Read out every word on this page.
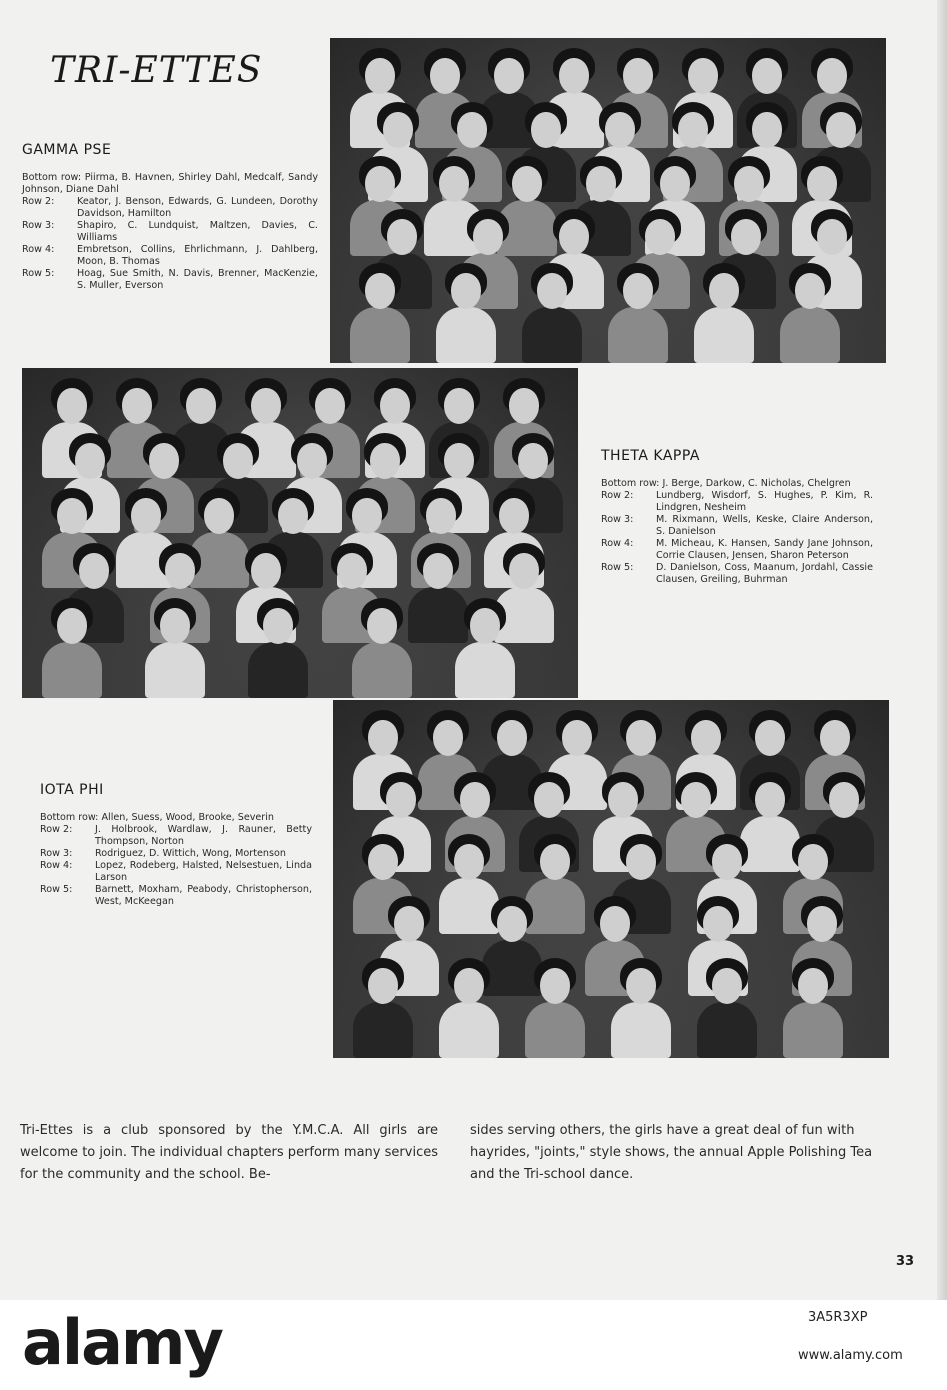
TRI-ETTES
GAMMA PSE
Bottom row: Piirma, B. Havnen, Shirley Dahl, Medcalf, Sandy Johnson, Diane Dahl
Row 2:	Keator, J. Benson, Edwards, G. Lundeen, Dorothy Davidson, Hamilton
Row 3:	Shapiro, C. Lundquist, Maltzen, Davies, C. Williams
Row 4:	Embretson, Collins, Ehrlichmann, J. Dahlberg, Moon, B. Thomas
Row 5:	Hoag, Sue Smith, N. Davis, Brenner, MacKenzie, S. Muller, Everson
THETA KAPPA
Bottom row: J. Berge, Darkow, C. Nicholas, Chelgren
Row 2:	Lundberg, Wisdorf, S. Hughes, P. Kim, R. Lindgren, Nesheim
Row 3:	M. Rixmann, Wells, Keske, Claire Anderson, S. Danielson
Row 4:	M. Micheau, K. Hansen, Sandy Jane Johnson, Corrie Clausen, Jensen, Sharon Peterson
Row 5:	D. Danielson, Coss, Maanum, Jordahl, Cassie Clausen, Greiling, Buhrman
IOTA PHI
Bottom row: Allen, Suess, Wood, Brooke, Severin
Row 2:	J. Holbrook, Wardlaw, J. Rauner, Betty Thompson, Norton
Row 3:	Rodriguez, D. Wittich, Wong, Mortenson
Row 4:	Lopez, Rodeberg, Halsted, Nelsestuen, Linda Larson
Row 5:	Barnett, Moxham, Peabody, Christopherson, West, McKeegan

Tri-Ettes is a club sponsored by the Y.M.C.A. All girls are welcome to join. The individual chapters perform many services for the community and the school. Be-

sides serving others, the girls have a great deal of fun with hayrides, "joints," style shows, the annual Apple Polishing Tea and the Tri-school dance.

33
alamy	3A5R3XP
www.alamy.com
